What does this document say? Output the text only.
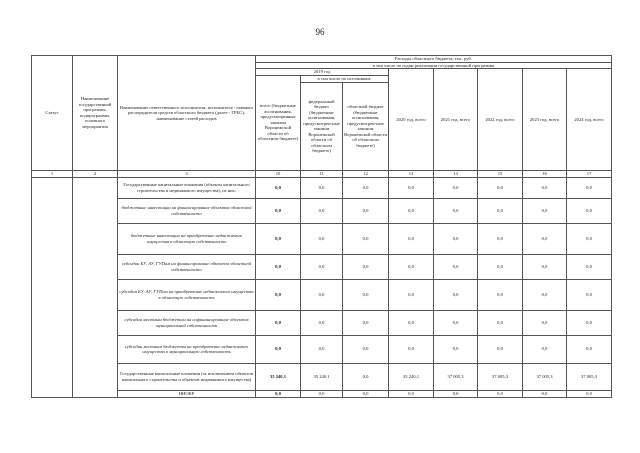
96
Статус	Наименование государственной программы, подпрограммы, основного мероприятия	Наименование ответственного исполнителя, исполнителя - главного распорядителя средств областного бюджета (далее - ГРБС), наименование статей расходов	Расходы областного бюджета, тыс. руб.							
			в том числе по годам реализации государственной программы							
			2019 год			2020 год, всего	2021 год, всего	2022 год, всего	2023 год, всего	2024 год, всего
			всего (бюджетные ассигнования, предусмотренные законом Воронежской области об областном бюджете)	в том числе по источникам:						
				федеральный бюджет (бюджетные ассигнования, предусмотрен-ные законом Воронежской области об областном бюджете)	областной бюджет (бюджетные ассигнования, предусмотрен-ные законом Воронежской области об областном бюджете)					
1	2	3	10	11	12	13	14	15	16	17
		Государственные капитальные вложения (объекты капитального строительства и недвижимого имущества), из них:	0,0	0,0	0,0	0,0	0,0	0,0	0,0	0,0
		бюджетные инвестиции на финансирование объектов областной собственности	0,0	0,0	0,0	0,0	0,0	0,0	0,0	0,0
		бюджетные инвестиции на приобретение недвижимого имущества в областную собственность	0,0	0,0	0,0	0,0	0,0	0,0	0,0	0,0
		субсидии БУ, АУ, ГУПам на финансирование объектов областной собственности	0,0	0,0	0,0	0,0	0,0	0,0	0,0	0,0
		субсидии БУ, АУ, ГУПам на приобретение недвижимого имущества в областную собственность	0,0	0,0	0,0	0,0	0,0	0,0	0,0	0,0
		субсидии местным бюджетам на софинансирование объектов муниципальной собственности	0,0	0,0	0,0	0,0	0,0	0,0	0,0	0,0
		субсидии местным бюджетам на приобретение недвижимого имущества в муниципальную собственность	0,0	0,0	0,0	0,0	0,0	0,0	0,0	0,0
		Государственные капитальные вложения (за исключением объектов капитального строительства и объектов недвижимого имущества)	35 240,1	35 240,1	0,0	35 240,1	37 005,3	37 005,3	37 005,3	37 005,3
		НИОКР	0,0	0,0	0,0	0,0	0,0	0,0	0,0	0,0
